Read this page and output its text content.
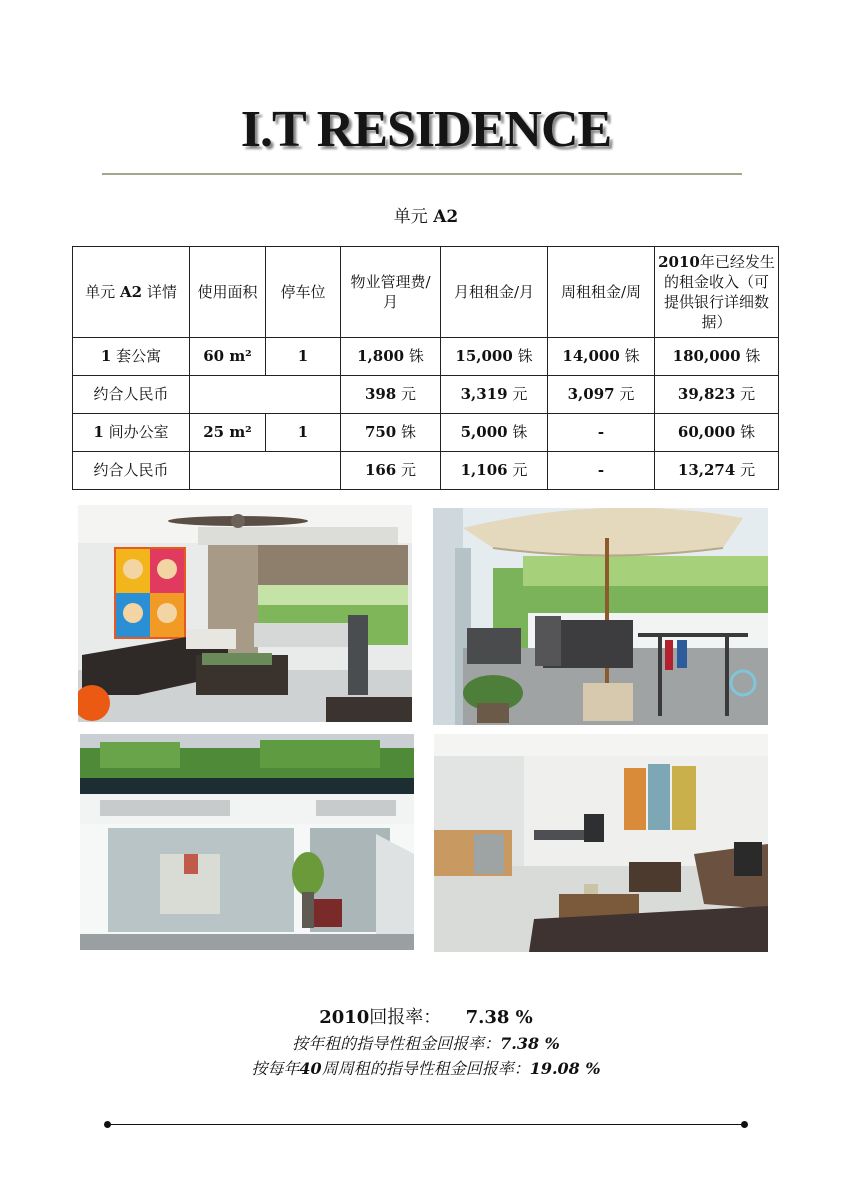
I.T RESIDENCE
单元 A2
单元 A2 详情	使用面积	停车位	物业管理费/月	月租租金/月	周租租金/周	2010年已经发生的租金收入（可提供银行详细数据）
1 套公寓	60 m²	1	1,800 铢	15,000 铢	14,000 铢	180,000 铢
约合人民币			398 元	3,319 元	3,097 元	39,823 元
1 间办公室	25 m²	1	750 铢	5,000 铢	-	60,000 铢
约合人民币			166 元	1,106 元	-	13,274 元
2010回报率： 7.38 %
按年租的指导性租金回报率：7.38 %
按每年40周周租的指导性租金回报率：19.08 %
